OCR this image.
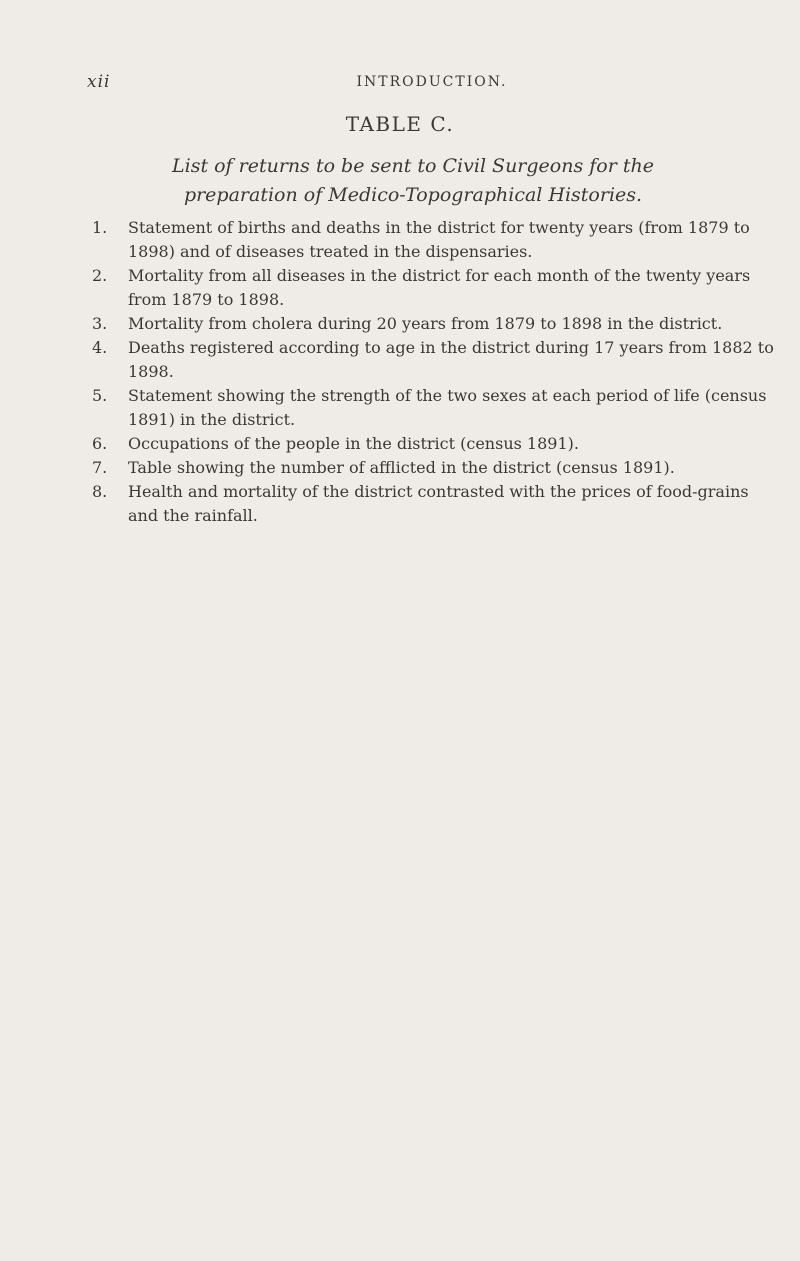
xii	INTRODUCTION.
TABLE C.
List of returns to be sent to Civil Surgeons for the preparation of Medico-Topographical Histories.
1. Statement of births and deaths in the district for twenty years (from 1879 to 1898) and of diseases treated in the dispensaries.
2. Mortality from all diseases in the district for each month of the twenty years from 1879 to 1898.
3. Mortality from cholera during 20 years from 1879 to 1898 in the district.
4. Deaths registered according to age in the district during 17 years from 1882 to 1898.
5. Statement showing the strength of the two sexes at each period of life (census 1891) in the district.
6. Occupations of the people in the district (census 1891).
7. Table showing the number of afflicted in the district (census 1891).
8. Health and mortality of the district contrasted with the prices of food-grains and the rainfall.
